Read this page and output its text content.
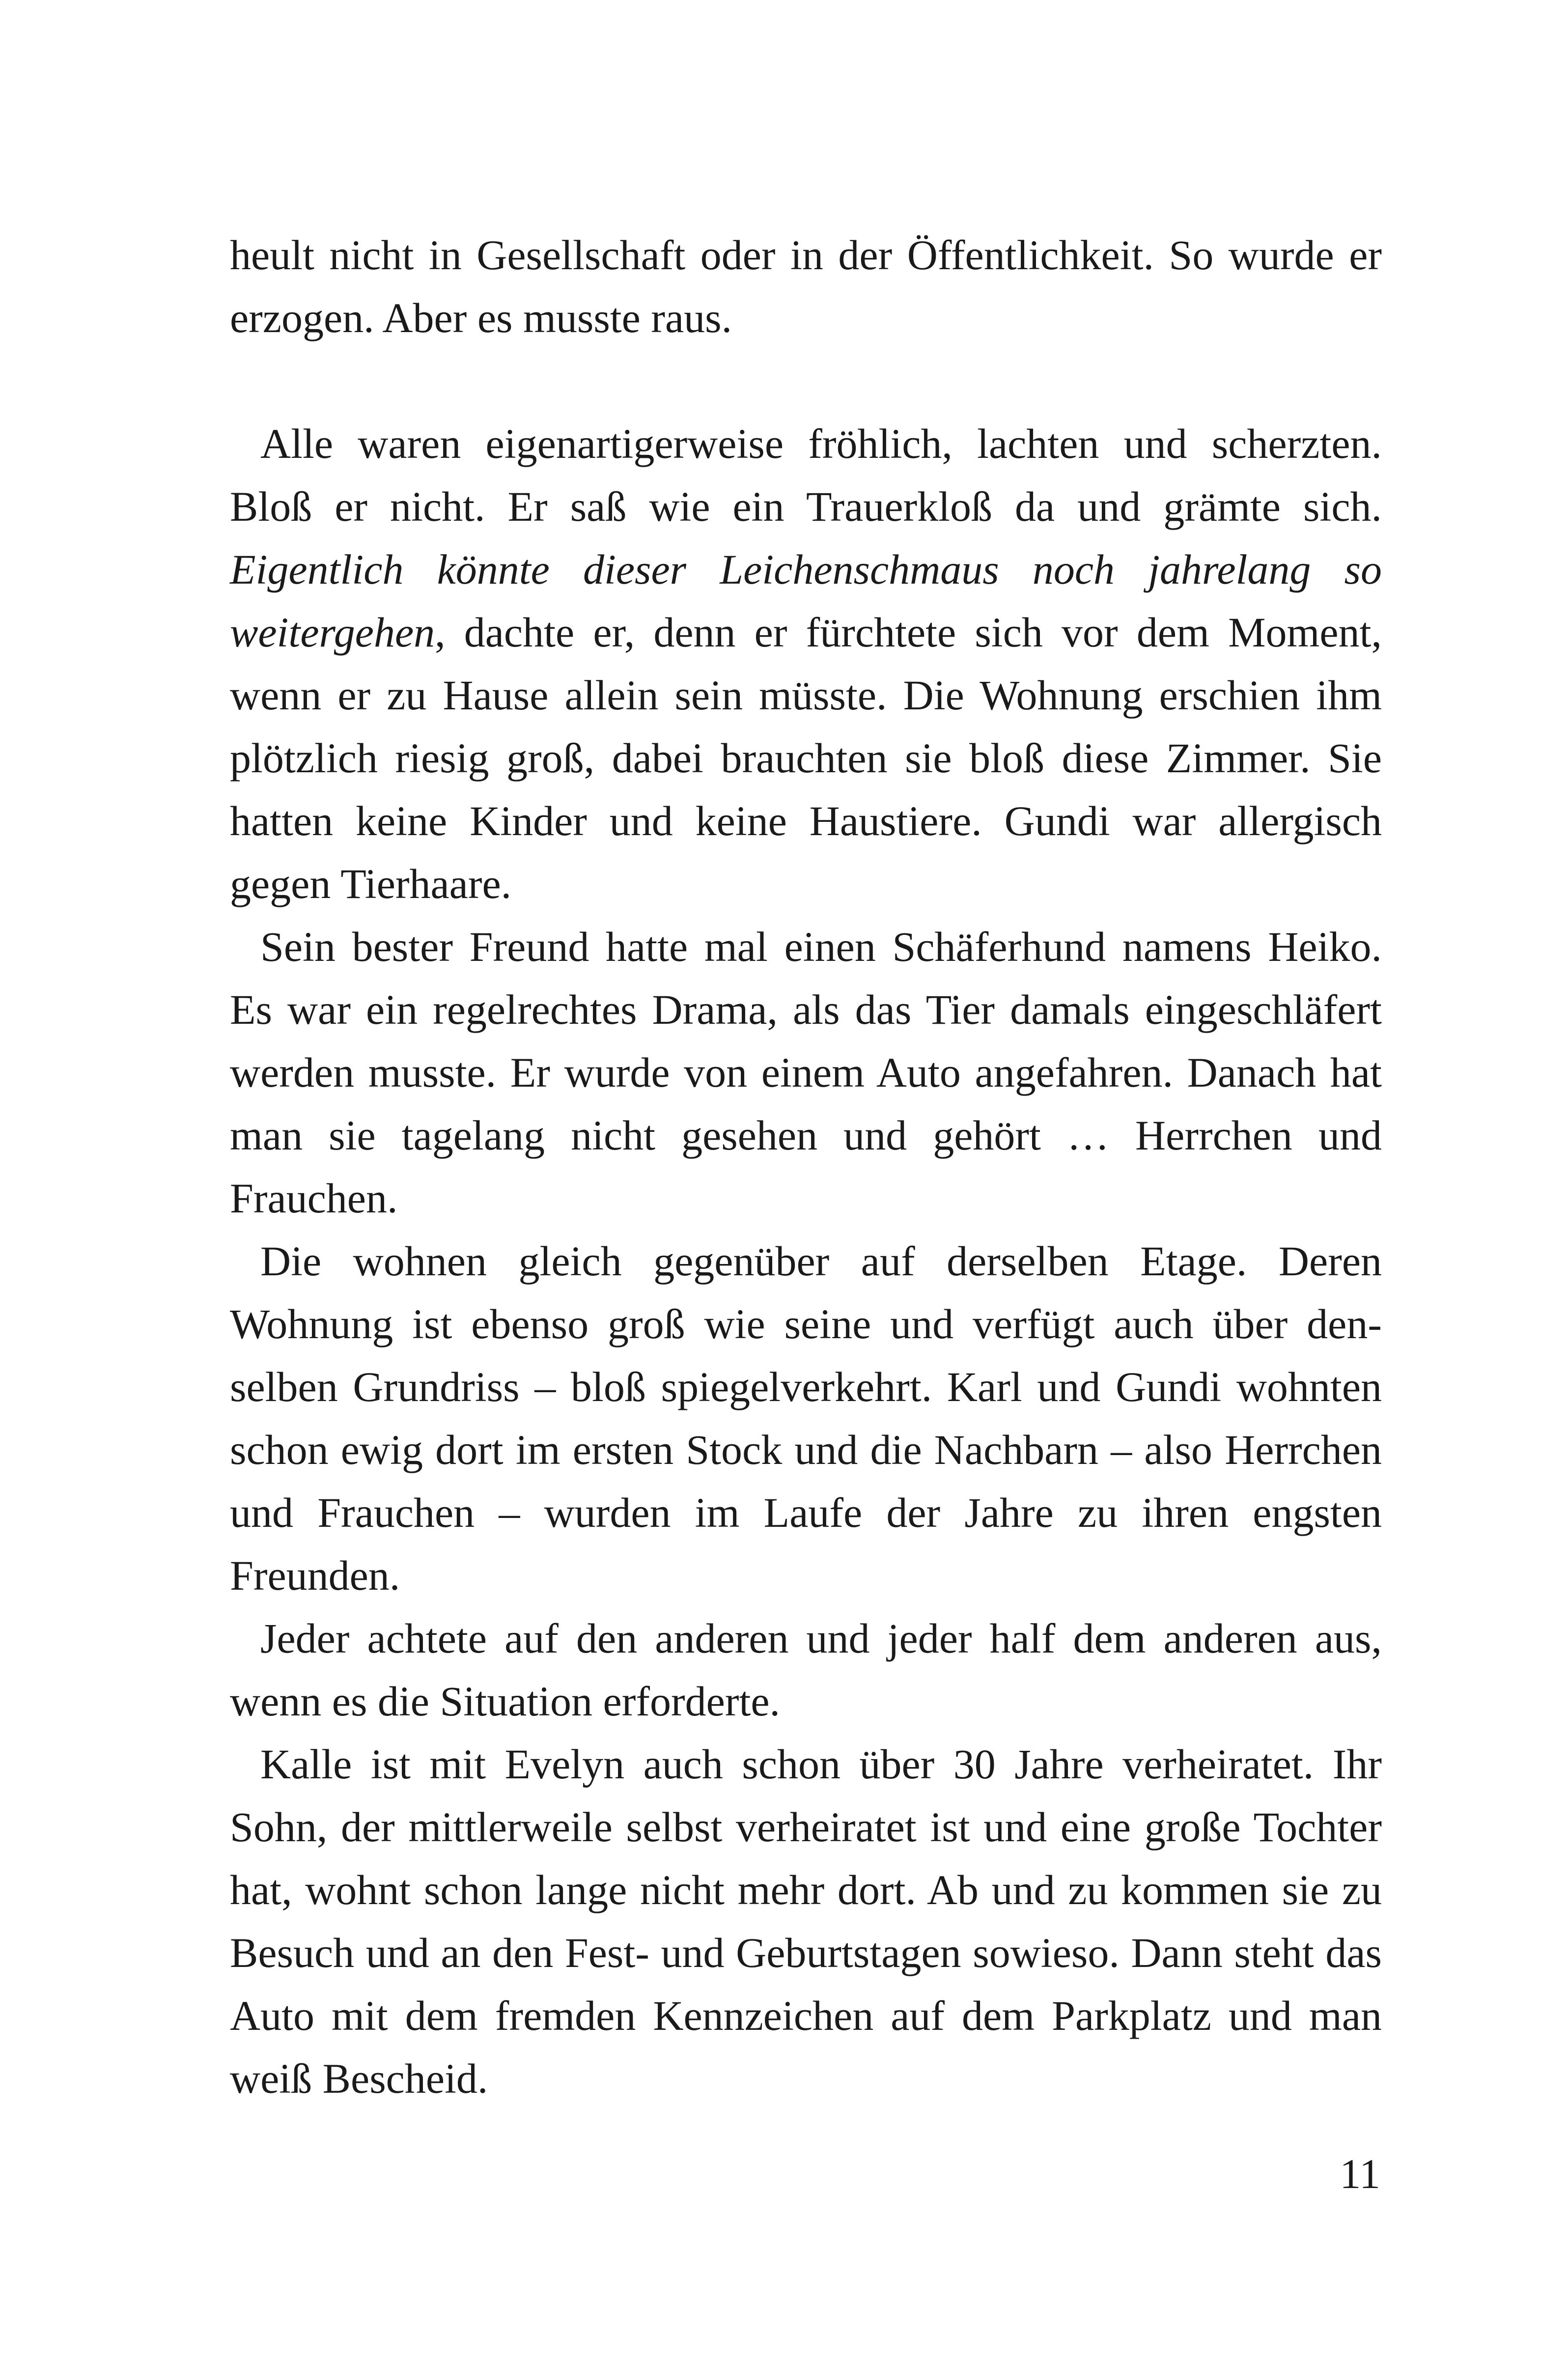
heult nicht in Gesellschaft oder in der Öffentlichkeit. So wurde er erzogen. Aber es musste raus.

Alle waren eigenartigerweise fröhlich, lachten und scherzten. Bloß er nicht. Er saß wie ein Trauerkloß da und grämte sich. Eigentlich könnte dieser Leichenschmaus noch jahrelang so weitergehen, dachte er, denn er fürchtete sich vor dem Moment, wenn er zu Hause allein sein müsste. Die Wohnung erschien ihm plötzlich riesig groß, dabei brauchten sie bloß diese Zimmer. Sie hatten keine Kinder und keine Haustiere. Gundi war allergisch gegen Tierhaare.

Sein bester Freund hatte mal einen Schäferhund namens Heiko. Es war ein regelrechtes Drama, als das Tier damals eingeschläfert werden musste. Er wurde von einem Auto angefahren. Danach hat man sie tagelang nicht gesehen und gehört … Herrchen und Frauchen.

Die wohnen gleich gegenüber auf derselben Etage. Deren Wohnung ist ebenso groß wie seine und verfügt auch über denselben Grundriss – bloß spiegelverkehrt. Karl und Gundi wohnten schon ewig dort im ersten Stock und die Nachbarn – also Herrchen und Frauchen – wurden im Laufe der Jahre zu ihren engsten Freunden.

Jeder achtete auf den anderen und jeder half dem anderen aus, wenn es die Situation erforderte.

Kalle ist mit Evelyn auch schon über 30 Jahre verheiratet. Ihr Sohn, der mittlerweile selbst verheiratet ist und eine große Tochter hat, wohnt schon lange nicht mehr dort. Ab und zu kommen sie zu Besuch und an den Fest- und Geburtstagen sowieso. Dann steht das Auto mit dem fremden Kennzeichen auf dem Parkplatz und man weiß Bescheid.

11
